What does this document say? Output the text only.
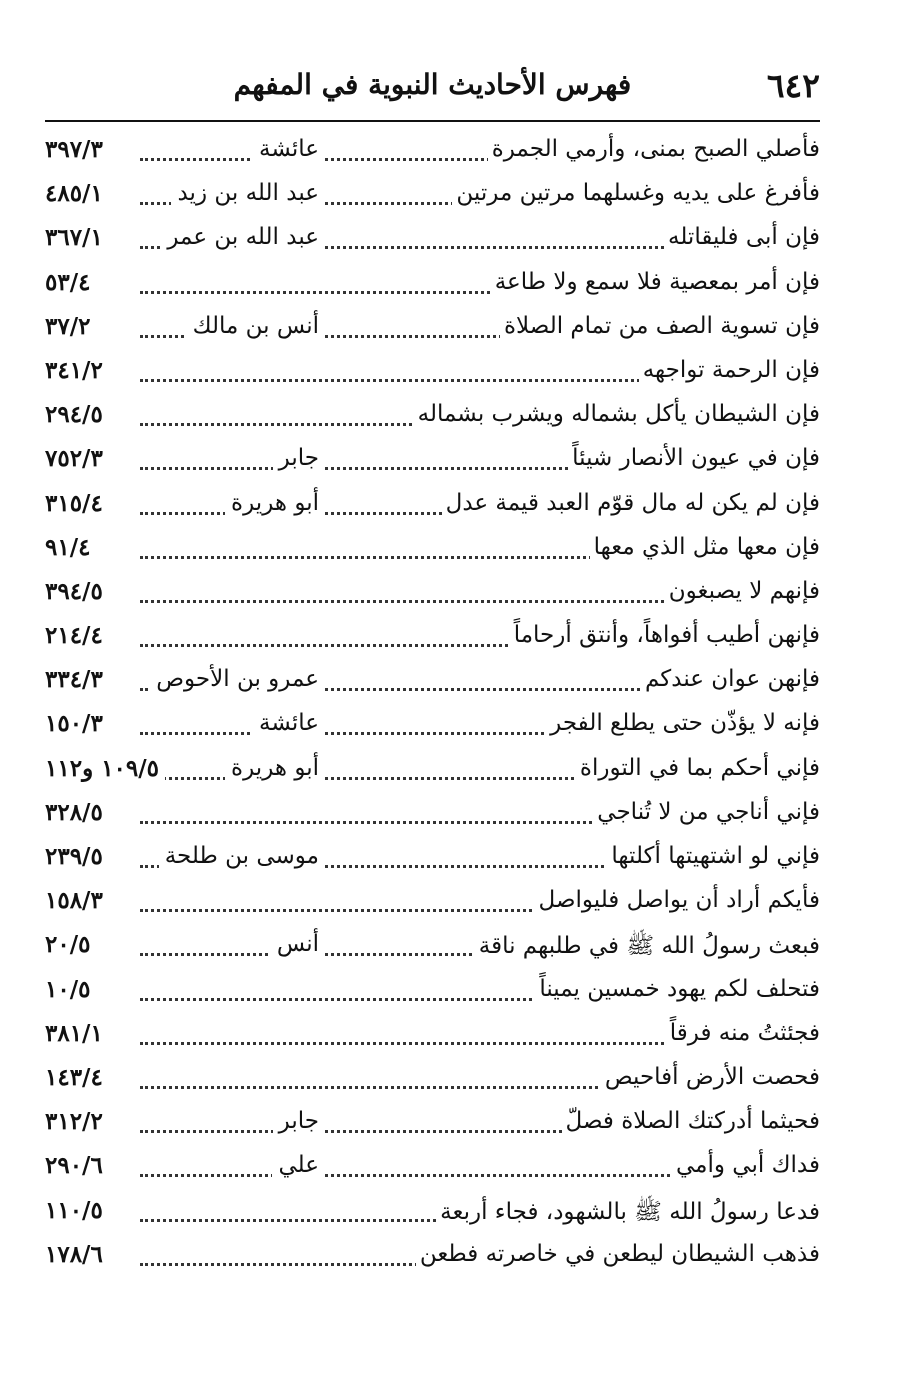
٦٤٢
فهرس الأحاديث النبوية في المفهم
فأصلي الصبح بمنى، وأرمي الجمرة
عائشة
٣٩٧/٣
فأفرغ على يديه وغسلهما مرتين مرتين
عبد الله بن زيد
٤٨٥/١
فإن أبى فليقاتله
عبد الله بن عمر
٣٦٧/١
فإن أمر بمعصية فلا سمع ولا طاعة
٥٣/٤
فإن تسوية الصف من تمام الصلاة
أنس بن مالك
٣٧/٢
فإن الرحمة تواجهه
٣٤١/٢
فإن الشيطان يأكل بشماله ويشرب بشماله
٢٩٤/٥
فإن في عيون الأنصار شيئاً
جابر
٧٥٢/٣
فإن لم يكن له مال قوّم العبد قيمة عدل
أبو هريرة
٣١٥/٤
فإن معها مثل الذي معها
٩١/٤
فإنهم لا يصبغون
٣٩٤/٥
فإنهن أطيب أفواهاً، وأنتق أرحاماً
٢١٤/٤
فإنهن عوان عندكم
عمرو بن الأحوص
٣٣٤/٣
فإنه لا يؤذّن حتى يطلع الفجر
عائشة
١٥٠/٣
فإني أحكم بما في التوراة
أبو هريرة
١٠٩/٥ و١١٢
فإني أناجي من لا تُناجي
٣٢٨/٥
فإني لو اشتهيتها أكلتها
موسى بن طلحة
٢٣٩/٥
فأيكم أراد أن يواصل فليواصل
١٥٨/٣
فبعث رسولُ الله ﷺ في طلبهم ناقة
أنس
٢٠/٥
فتحلف لكم يهود خمسين يميناً
١٠/٥
فجئثتُ منه فرقاً
٣٨١/١
فحصت الأرض أفاحيص
١٤٣/٤
فحيثما أدركتك الصلاة فصلّ
جابر
٣١٢/٢
فداك أبي وأمي
علي
٢٩٠/٦
فدعا رسولُ الله ﷺ بالشهود، فجاء أربعة
١١٠/٥
فذهب الشيطان ليطعن في خاصرته فطعن
١٧٨/٦
